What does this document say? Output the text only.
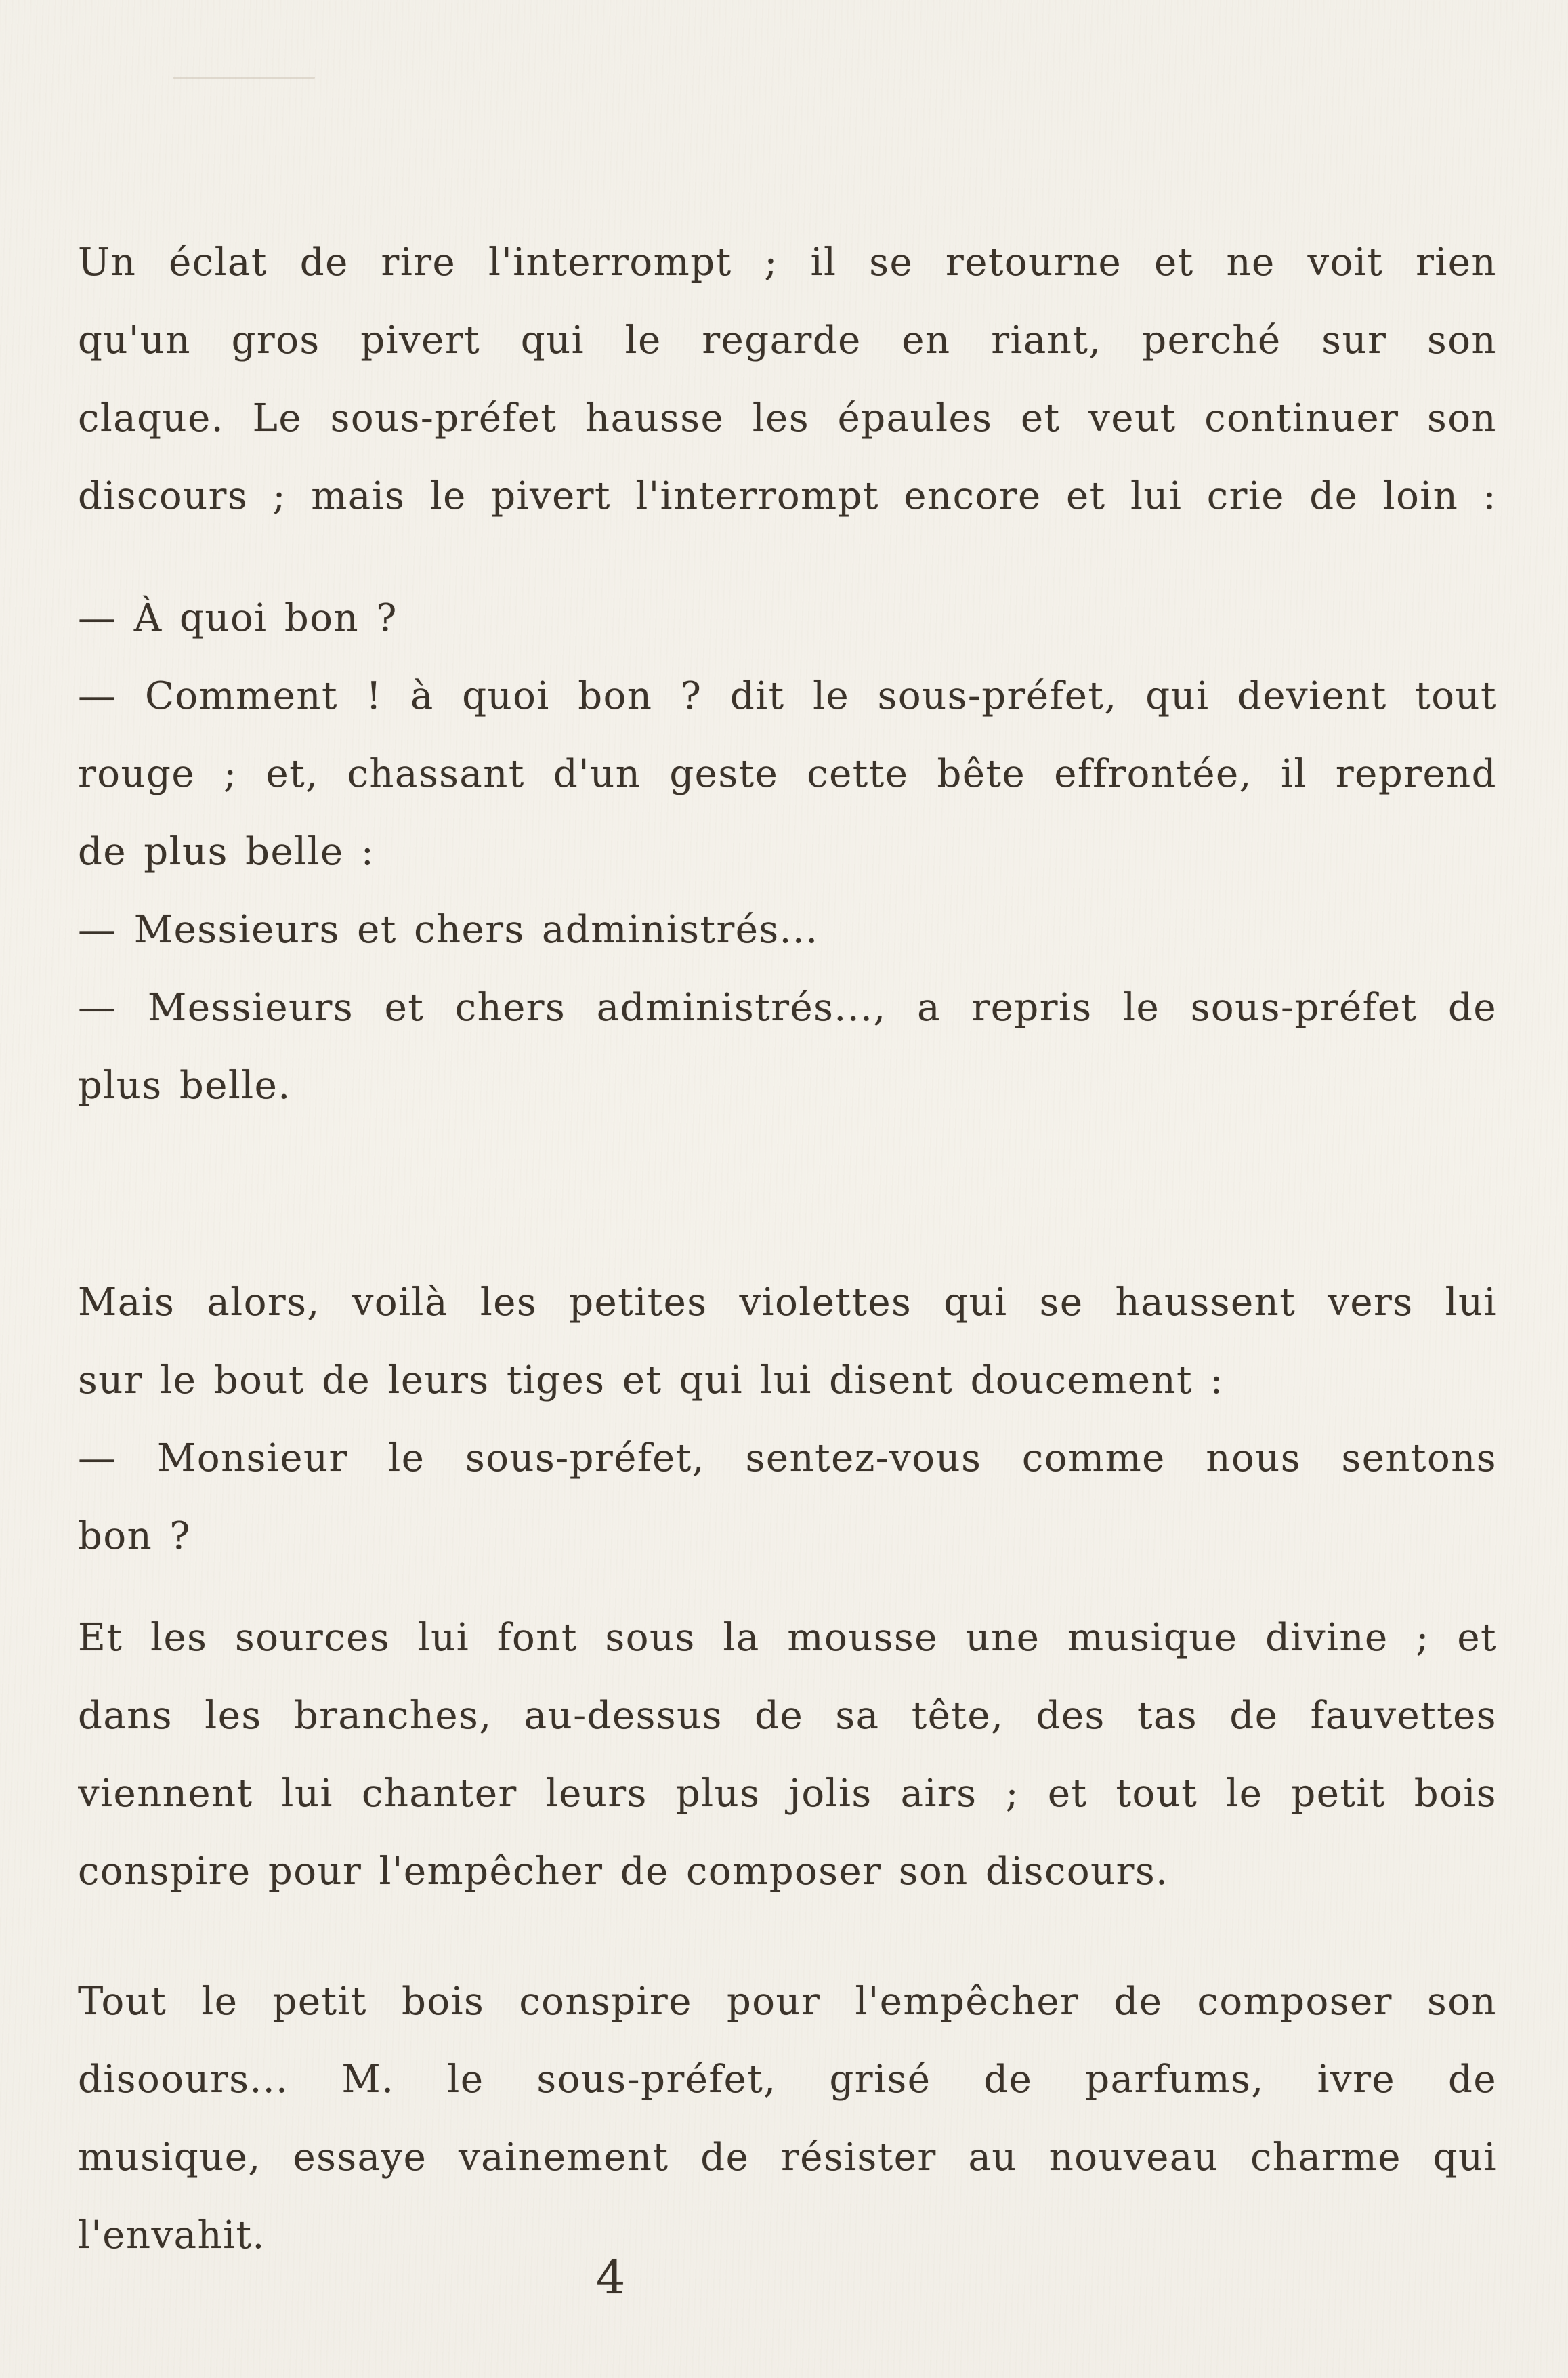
Un éclat de rire l'interrompt ; il se retourne et ne voit rien
qu'un gros pivert qui le regarde en riant, perché sur son
claque. Le sous-préfet hausse les épaules et veut continuer son
discours ; mais le pivert l'interrompt encore et lui crie de loin :
— À quoi bon ?
— Comment ! à quoi bon ? dit le sous-préfet, qui devient tout
rouge ; et, chassant d'un geste cette bête effrontée, il reprend
de plus belle :
— Messieurs et chers administrés...
— Messieurs et chers administrés..., a repris le sous-préfet de
plus belle.
Mais alors, voilà les petites violettes qui se haussent vers lui
sur le bout de leurs tiges et qui lui disent doucement :
— Monsieur le sous-préfet, sentez-vous comme nous sentons
bon ?
Et les sources lui font sous la mousse une musique divine ; et
dans les branches, au-dessus de sa tête, des tas de fauvettes
viennent lui chanter leurs plus jolis airs ; et tout le petit bois
conspire pour l'empêcher de composer son discours.
Tout le petit bois conspire pour l'empêcher de composer son
disoours... M. le sous-préfet, grisé de parfums, ivre de
musique, essaye vainement de résister au nouveau charme qui
l'envahit.
4
